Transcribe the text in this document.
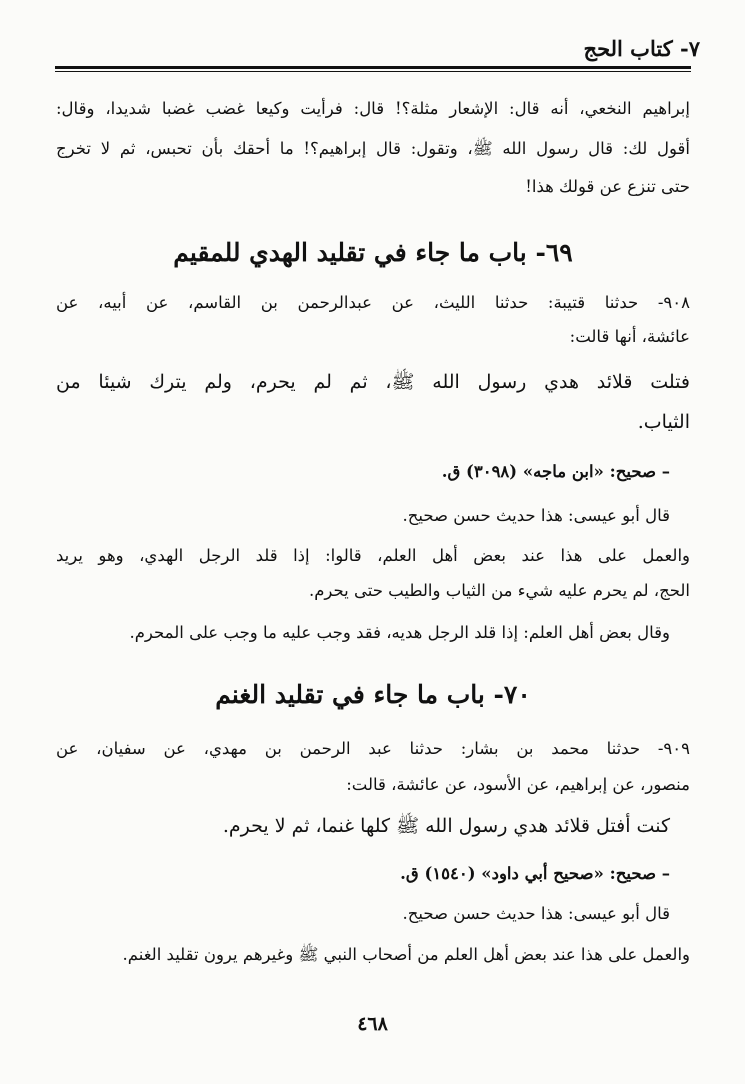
٧- كتاب الحج
إبراهيم النخعي، أنه قال: الإشعار مثلة؟! قال: فرأيت وكيعا غضب غضبا شديدا، وقال:
أقول لك: قال رسول الله ﷺ، وتقول: قال إبراهيم؟! ما أحقك بأن تحبس، ثم لا تخرج
حتى تنزع عن قولك هذا!
٦٩- باب ما جاء في تقليد الهدي للمقيم
٩٠٨- حدثنا قتيبة: حدثنا الليث، عن عبدالرحمن بن القاسم، عن أبيه، عن
عائشة، أنها قالت:
فتلت قلائد هدي رسول الله ﷺ، ثم لم يحرم، ولم يترك شيئا من
الثياب.
– صحيح: «ابن ماجه» (٣٠٩٨) ق.
قال أبو عيسى: هذا حديث حسن صحيح.
والعمل على هذا عند بعض أهل العلم، قالوا: إذا قلد الرجل الهدي، وهو يريد
الحج، لم يحرم عليه شيء من الثياب والطيب حتى يحرم.
وقال بعض أهل العلم: إذا قلد الرجل هديه، فقد وجب عليه ما وجب على المحرم.
٧٠- باب ما جاء في تقليد الغنم
٩٠٩- حدثنا محمد بن بشار: حدثنا عبد الرحمن بن مهدي، عن سفيان، عن
منصور، عن إبراهيم، عن الأسود، عن عائشة، قالت:
كنت أفتل قلائد هدي رسول الله ﷺ كلها غنما، ثم لا يحرم.
– صحيح: «صحيح أبي داود» (١٥٤٠) ق.
قال أبو عيسى: هذا حديث حسن صحيح.
والعمل على هذا عند بعض أهل العلم من أصحاب النبي ﷺ وغيرهم يرون تقليد الغنم.
٤٦٨
